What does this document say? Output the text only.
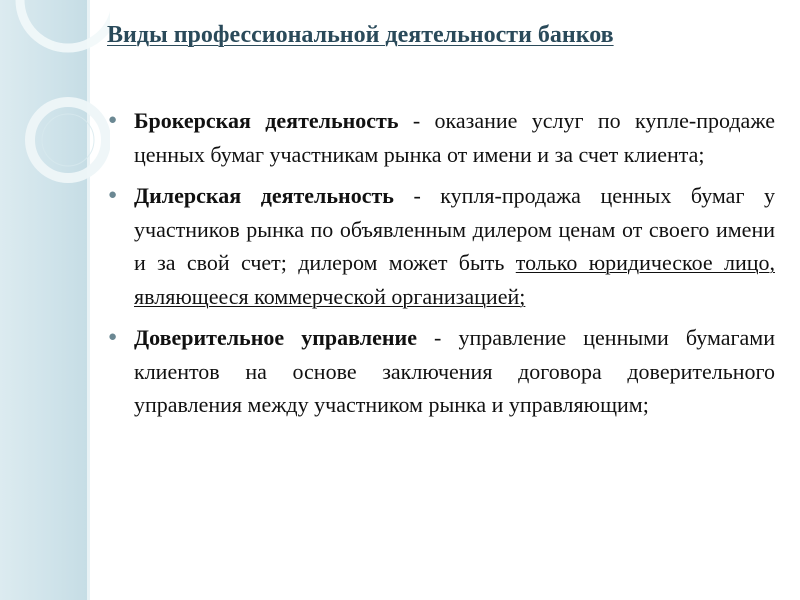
Виды профессиональной деятельности банков
● Брокерская деятельность - оказание услуг по купле-продаже ценных бумаг участникам рынка от имени и за счет клиента;
● Дилерская деятельность - купля-продажа ценных бумаг у участников рынка по объявленным дилером ценам от своего имени и за свой счет; дилером может быть только юридическое лицо, являющееся коммерческой организацией;
● Доверительное управление - управление ценными бумагами клиентов на основе заключения договора доверительного управления между участником рынка и управляющим;
